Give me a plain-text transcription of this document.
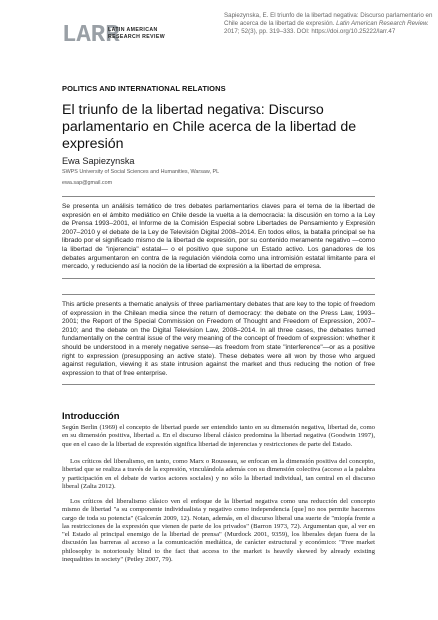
LARR
LATIN AMERICAN
RESEARCH REVIEW
Sapiezynska, E. El triunfo de la libertad negativa: Discurso parlamentario en Chile acerca de la libertad de expresión. Latin American Research Review. 2017; 52(3), pp. 319–333. DOI: https://doi.org/10.25222/larr.47
POLITICS AND INTERNATIONAL RELATIONS
El triunfo de la libertad negativa: Discurso parlamentario en Chile acerca de la libertad de expresión
Ewa Sapiezynska
SWPS University of Social Sciences and Humanities, Warsaw, PL
ewa.sap@gmail.com

Se presenta un análisis temático de tres debates parlamentarios claves para el tema de la libertad de expresión en el ámbito mediático en Chile desde la vuelta a la democracia: la discusión en torno a la Ley de Prensa 1993–2001, el Informe de la Comisión Especial sobre Libertades de Pensamiento y Expresión 2007–2010 y el debate de la Ley de Televisión Digital 2008–2014. En todos ellos, la batalla principal se ha librado por el significado mismo de la libertad de expresión, por su contenido meramente negativo —como la libertad de "injerencia" estatal— o el positivo que supone un Estado activo. Los ganadores de los debates argumentaron en contra de la regulación viéndola como una intromisión estatal limitante para el mercado, y reduciendo así la noción de la libertad de expresión a la libertad de empresa.

This article presents a thematic analysis of three parliamentary debates that are key to the topic of freedom of expression in the Chilean media since the return of democracy: the debate on the Press Law, 1993–2001; the Report of the Special Commission on Freedom of Thought and Freedom of Expression, 2007–2010; and the debate on the Digital Television Law, 2008–2014. In all three cases, the debates turned fundamentally on the central issue of the very meaning of the concept of freedom of expression: whether it should be understood in a merely negative sense—as freedom from state "interference"—or as a positive right to expression (presupposing an active state). These debates were all won by those who argued against regulation, viewing it as state intrusion against the market and thus reducing the notion of free expression to that of free enterprise.

Introducción

Según Berlin (1969) el concepto de libertad puede ser entendido tanto en su dimensión negativa, libertad de, como en su dimensión positiva, libertad a. En el discurso liberal clásico predomina la libertad negativa (Goodwin 1997), que en el caso de la libertad de expresión significa libertad de injerencias y restricciones de parte del Estado.

Los críticos del liberalismo, en tanto, como Marx o Rousseau, se enfocan en la dimensión positiva del concepto, libertad que se realiza a través de la expresión, vinculándola además con su dimensión colectiva (acceso a la palabra y participación en el debate de varios actores sociales) y no sólo la libertad individual, tan central en el discurso liberal (Zalta 2012).

Los críticos del liberalismo clásico ven el enfoque de la libertad negativa como una reducción del concepto mismo de libertad "a su componente individualista y negativo como independencia [que] no nos permite hacernos cargo de toda su potencia" (Galcerán 2009, 12). Notan, además, en el discurso liberal una suerte de "miopía frente a las restricciones de la expresión que vienen de parte de los privados" (Barron 1973, 72). Argumentan que, al ver en "el Estado al principal enemigo de la libertad de prensa" (Murdock 2001, 9359), los liberales dejan fuera de la discusión las barreras al acceso a la comunicación mediática, de carácter estructural y económico: "Free market philosophy is notoriously blind to the fact that access to the market is heavily skewed by already existing inequalities in society" (Petley 2007, 79).
